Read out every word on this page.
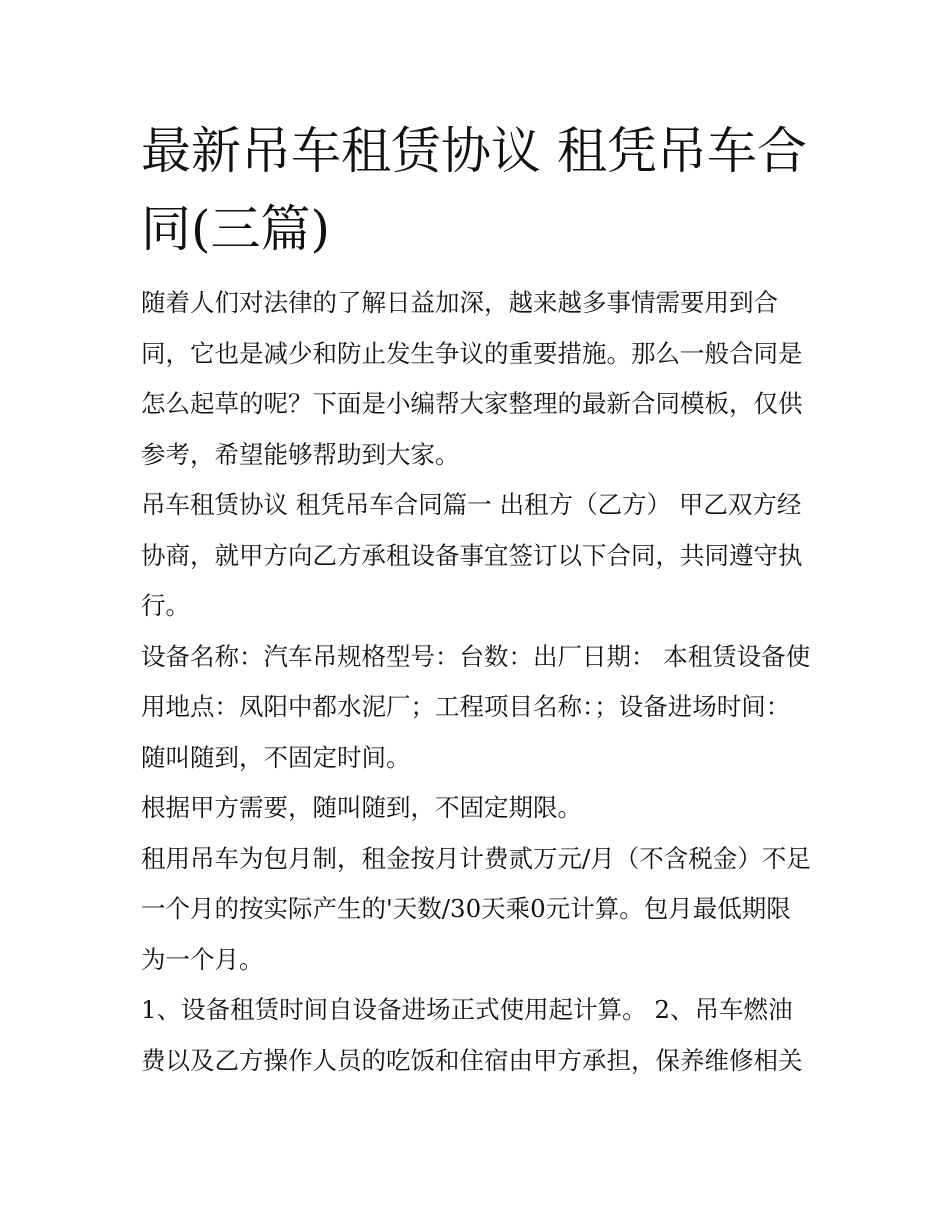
最新吊车租赁协议 租凭吊车合同(三篇)

随着人们对法律的了解日益加深，越来越多事情需要用到合同，它也是减少和防止发生争议的重要措施。那么一般合同是怎么起草的呢？下面是小编帮大家整理的最新合同模板，仅供参考，希望能够帮助到大家。

吊车租赁协议 租凭吊车合同篇一 出租方（乙方） 甲乙双方经协商，就甲方向乙方承租设备事宜签订以下合同，共同遵守执行。

设备名称：汽车吊规格型号：台数：出厂日期： 本租赁设备使用地点：凤阳中都水泥厂；工程项目名称：；设备进场时间：随叫随到，不固定时间。

根据甲方需要，随叫随到，不固定期限。

租用吊车为包月制，租金按月计费贰万元/月（不含税金）不足一个月的按实际产生的'天数/30天乘0元计算。包月最低期限为一个月。

1、设备租赁时间自设备进场正式使用起计算。 2、吊车燃油费以及乙方操作人员的吃饭和住宿由甲方承担，保养维修相关
